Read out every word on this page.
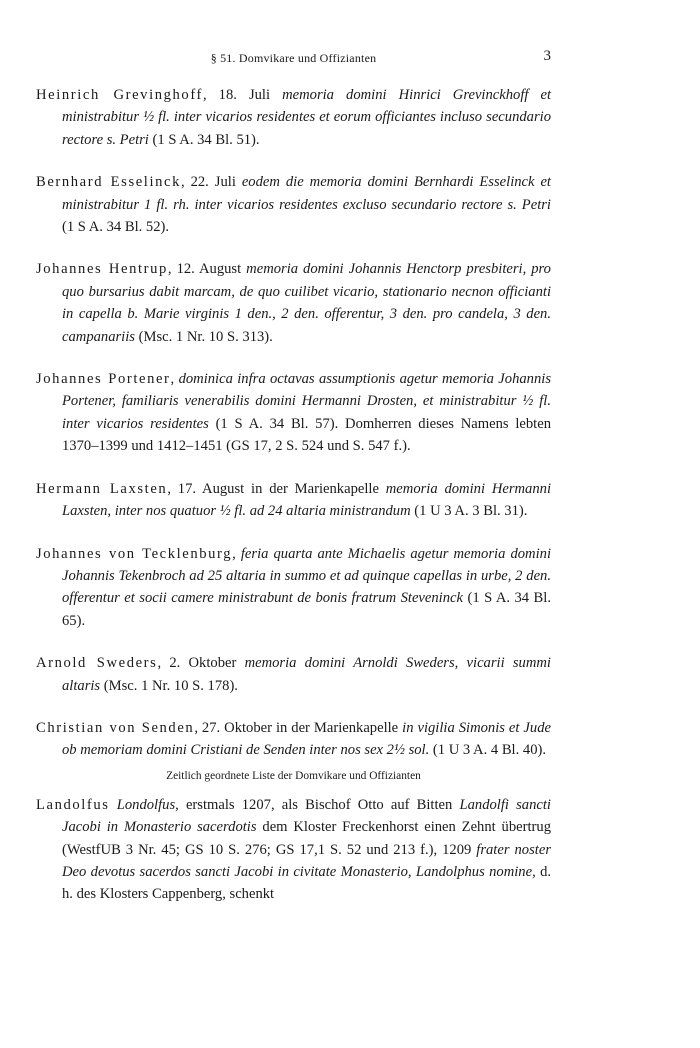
§ 51. Domvikare und Offizianten	3

Heinrich Grevinghoff, 18. Juli memoria domini Hinrici Grevinckhoff et ministrabitur ½ fl. inter vicarios residentes et eorum officiantes incluso secundario rectore s. Petri (1 S A. 34 Bl. 51).

Bernhard Esselinck, 22. Juli eodem die memoria domini Bernhardi Esselinck et ministrabitur 1 fl. rh. inter vicarios residentes excluso secundario rectore s. Petri (1 S A. 34 Bl. 52).

Johannes Hentrup, 12. August memoria domini Johannis Henctorp presbiteri, pro quo bursarius dabit marcam, de quo cuilibet vicario, stationario necnon officianti in capella b. Marie virginis 1 den., 2 den. offerentur, 3 den. pro candela, 3 den. campanariis (Msc. 1 Nr. 10 S. 313).

Johannes Portener, dominica infra octavas assumptionis agetur memoria Johannis Portener, familiaris venerabilis domini Hermanni Drosten, et ministrabitur ½ fl. inter vicarios residentes (1 S A. 34 Bl. 57). Domherren dieses Namens lebten 1370–1399 und 1412–1451 (GS 17, 2 S. 524 und S. 547 f.).

Hermann Laxsten, 17. August in der Marienkapelle memoria domini Hermanni Laxsten, inter nos quatuor ½ fl. ad 24 altaria ministrandum (1 U 3 A. 3 Bl. 31).

Johannes von Tecklenburg, feria quarta ante Michaelis agetur memoria domini Johannis Tekenbroch ad 25 altaria in summo et ad quinque capellas in urbe, 2 den. offerentur et socii camere ministrabunt de bonis fratrum Steveninck (1 S A. 34 Bl. 65).

Arnold Sweders, 2. Oktober memoria domini Arnoldi Sweders, vicarii summi altaris (Msc. 1 Nr. 10 S. 178).

Christian von Senden, 27. Oktober in der Marienkapelle in vigilia Simonis et Jude ob memoriam domini Cristiani de Senden inter nos sex 2½ sol. (1 U 3 A. 4 Bl. 40).

Zeitlich geordnete Liste der Domvikare und Offizianten

Landolfus Londolfus, erstmals 1207, als Bischof Otto auf Bitten Landolfi sancti Jacobi in Monasterio sacerdotis dem Kloster Freckenhorst einen Zehnt übertrug (WestfUB 3 Nr. 45; GS 10 S. 276; GS 17,1 S. 52 und 213 f.), 1209 frater noster Deo devotus sacerdos sancti Jacobi in civitate Monasterio, Landolphus nomine, d. h. des Klosters Cappenberg, schenkt
